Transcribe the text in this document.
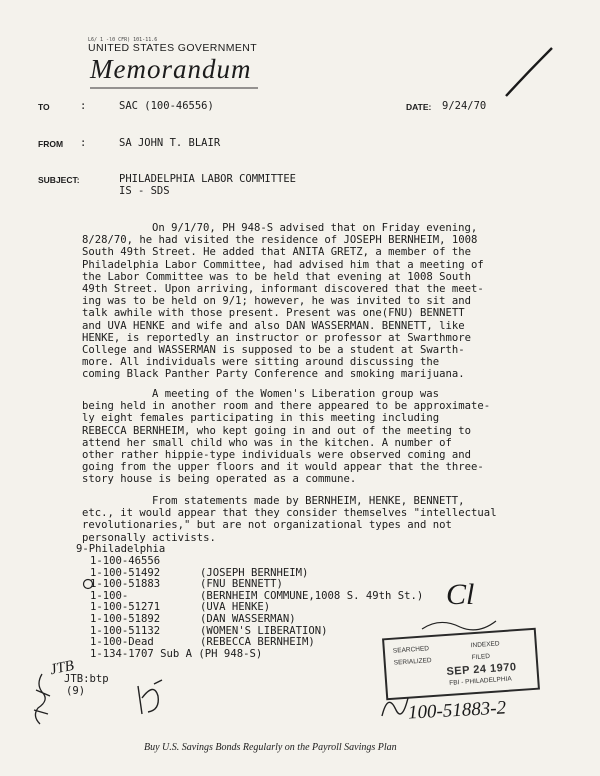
L6/ 1 -l0 CFR) 101-11.6
UNITED STATES GOVERNMENT
Memorandum
TO	:	SAC (100-46556)	DATE: 9/24/70
FROM :	SA JOHN T. BLAIR
SUBJECT:	PHILADELPHIA LABOR COMMITTEE
IS - SDS
On 9/1/70, PH 948-S advised that on Friday evening,
8/28/70, he had visited the residence of JOSEPH BERNHEIM, 1008
South 49th Street. He added that ANITA GRETZ, a member of the
Philadelphia Labor Committee, had advised him that a meeting of
the Labor Committee was to be held that evening at 1008 South
49th Street. Upon arriving, informant discovered that the meet-
ing was to be held on 9/1; however, he was invited to sit and
talk awhile with those present. Present was one(FNU) BENNETT
and UVA HENKE and wife and also DAN WASSERMAN. BENNETT, like
HENKE, is reportedly an instructor or professor at Swarthmore
College and WASSERMAN is supposed to be a student at Swarth-
more. All individuals were sitting around discussing the
coming Black Panther Party Conference and smoking marijuana.
A meeting of the Women's Liberation group was
being held in another room and there appeared to be approximate-
ly eight females participating in this meeting including
REBECCA BERNHEIM, who kept going in and out of the meeting to
attend her small child who was in the kitchen. A number of
other rather hippie-type individuals were observed coming and
going from the upper floors and it would appear that the three-
story house is being operated as a commune.
From statements made by BERNHEIM, HENKE, BENNETT,
etc., it would appear that they consider themselves "intellectual
revolutionaries," but are not organizational types and not
personally activists.
9-Philadelphia
1-100-46556
1-100-51492	(JOSEPH BERNHEIM)
1-100-51883	(FNU BENNETT)
1-100-	(BERNHEIM COMMUNE,1008 S. 49th St.)
1-100-51271	(UVA HENKE)
1-100-51892	(DAN WASSERMAN)
1-100-51132	(WOMEN'S LIBERATION)
1-100-Dead	(REBECCA BERNHEIM)
1-134-1707 Sub A (PH 948-S)
JTB:btp
(9)
JTB
Cl
SEARCHED
INDEXED
SERIALIZED	FILED
SEP 24 1970
FBI - PHILADELPHIA
100-51883-2
Buy U.S. Savings Bonds Regularly on the Payroll Savings Plan
